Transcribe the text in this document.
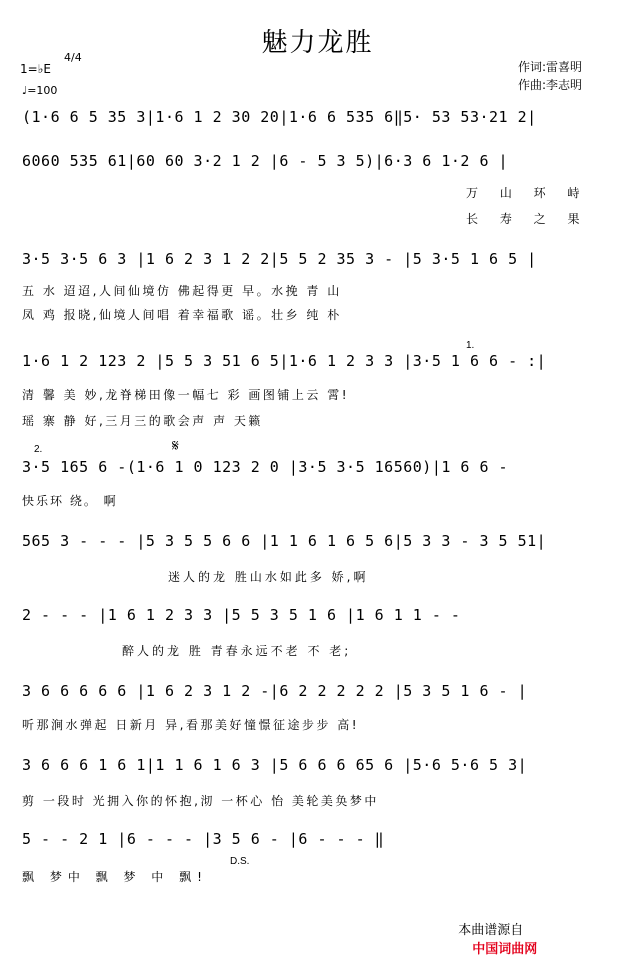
魅力龙胜
1=♭E
4/4
♩=100
作词:雷喜明
作曲:李志明
(1·6 6 5 35 3|1·6 1 2 30 20|1·6 6 535 6‖5· 53 53·21 2|
6060 535 61|60 60 3·2 1 2 |6 - 5 3 5)|6·3 6 1·2 6 |
万 山 环 峙
长 寿 之 果
3·5 3·5 6 3 |1 6 2 3 1 2 2|5 5 2 35 3 - |5 3·5 1 6 5 |
五 水 迢迢,人间仙境仿 佛起得更 早。水挽 青 山
凤 鸡 报晓,仙境人间唱 着幸福歌 谣。壮乡 纯 朴
1.
1·6 1 2 123 2 |5 5 3 51 6 5|1·6 1 2 3 3 |3·5 1 6 6 - :|
清 馨 美 妙,龙脊梯田像一幅七 彩 画图铺上云 霄!
瑶 寨 静 好,三月三的歌会声 声 天籁
2.	𝄋
3·5 165 6 -(1·6 1 0 123 2 0 |3·5 3·5 16560)|1 6 6 -
快乐环 绕。 啊
565 3 - - - |5 3 5 5 6 6 |1 1 6 1 6 5 6|5 3 3 - 3 5 51|
迷人的龙 胜山水如此多 娇,啊
2 - - - |1 6 1 2 3 3 |5 5 3 5 1 6 |1 6 1 1 - -
醉人的龙 胜 青春永远不老 不 老;
3 6 6 6 6 6 |1 6 2 3 1 2 -|6 2 2 2 2 2 |5 3 5 1 6 - |
听那涧水弹起 日新月 异,看那美好憧憬征途步步 高!
3 6 6 6 1 6 1|1 1 6 1 6 3 |5 6 6 6 65 6 |5·6 5·6 5 3|
剪 一段时 光拥入你的怀抱,沏 一杯心 怡 美轮美奂梦中
5 - - 2 1 |6 - - - |3 5 6 - |6 - - - ‖
D.S.
飘 梦中 飘 梦 中 飘!

本曲谱源自
中国词曲网
